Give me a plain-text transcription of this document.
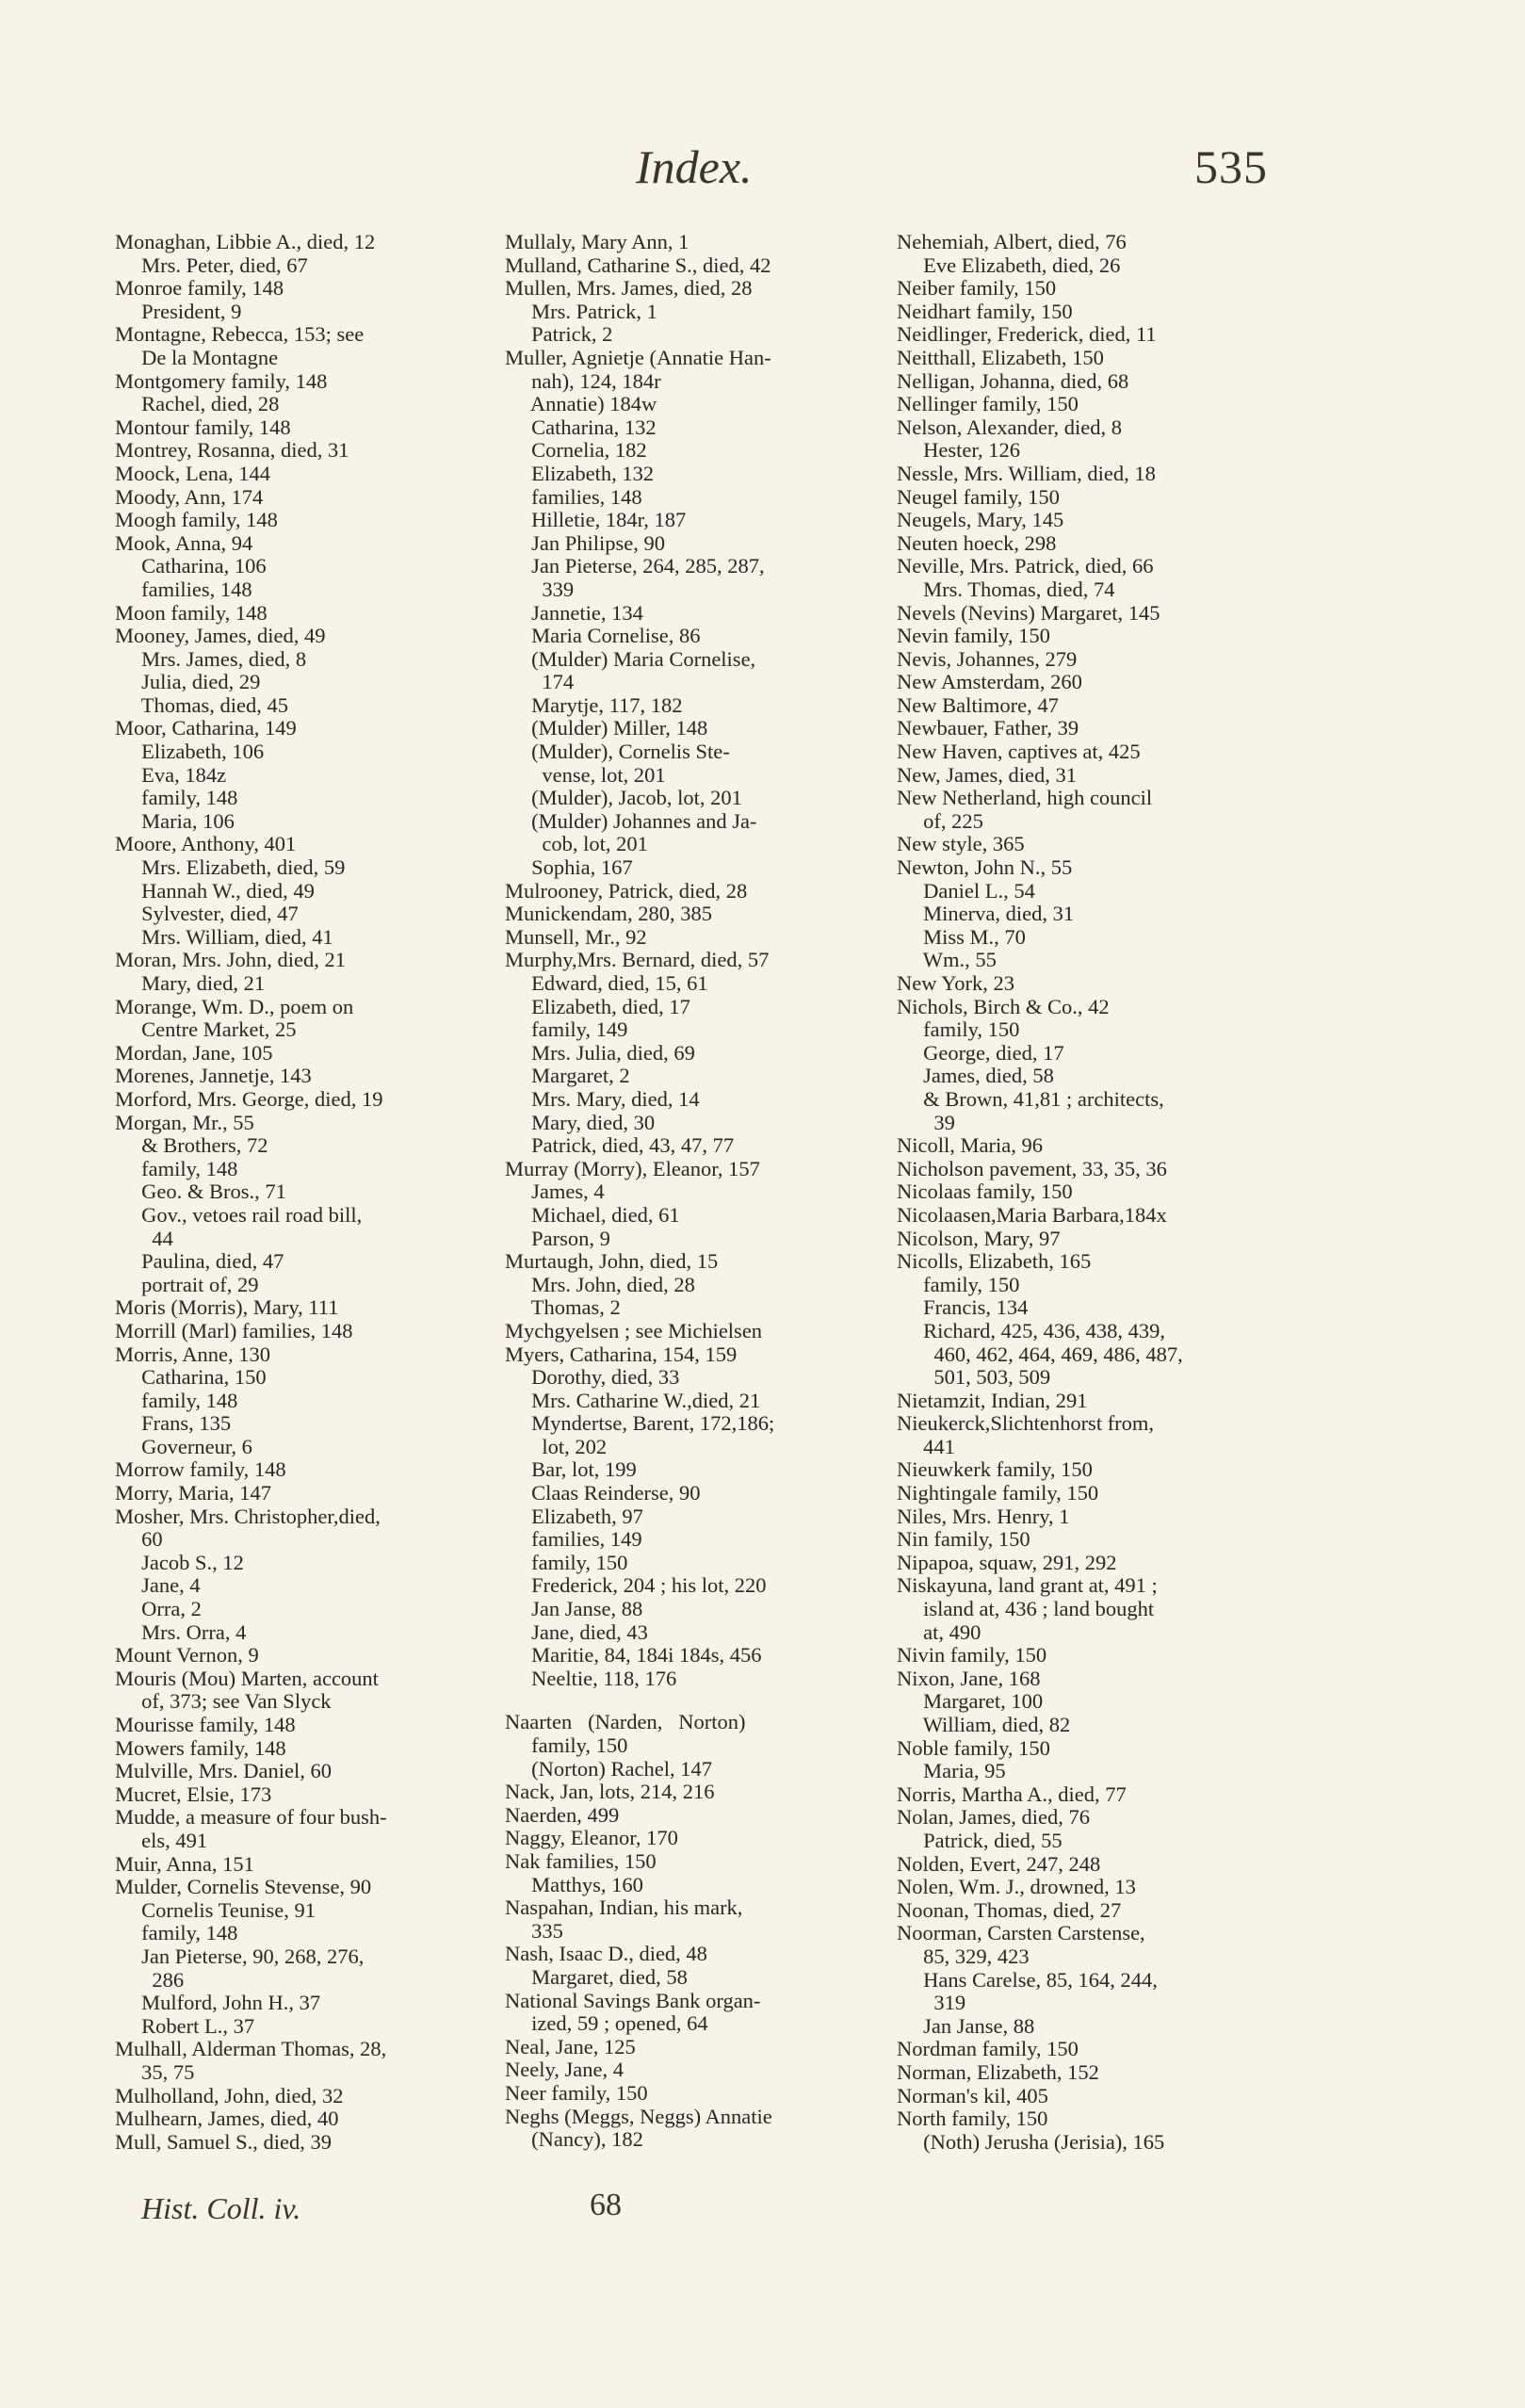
Index.	535
Monaghan, Libbie A., died, 12
Mrs. Peter, died, 67
Monroe family, 148
President, 9
Montagne, Rebecca, 153; see
De la Montagne
Montgomery family, 148
Rachel, died, 28
Montour family, 148
Montrey, Rosanna, died, 31
Moock, Lena, 144
Moody, Ann, 174
Moogh family, 148
Mook, Anna, 94
Catharina, 106
families, 148
Moon family, 148
Mooney, James, died, 49
Mrs. James, died, 8
Julia, died, 29
Thomas, died, 45
Moor, Catharina, 149
Elizabeth, 106
Eva, 184z
family, 148
Maria, 106
Moore, Anthony, 401
Mrs. Elizabeth, died, 59
Hannah W., died, 49
Sylvester, died, 47
Mrs. William, died, 41
Moran, Mrs. John, died, 21
Mary, died, 21
Morange, Wm. D., poem on
Centre Market, 25
Mordan, Jane, 105
Morenes, Jannetje, 143
Morford, Mrs. George, died, 19
Morgan, Mr., 55
& Brothers, 72
family, 148
Geo. & Bros., 71
Gov., vetoes rail road bill,
44
Paulina, died, 47
portrait of, 29
Moris (Morris), Mary, 111
Morrill (Marl) families, 148
Morris, Anne, 130
Catharina, 150
family, 148
Frans, 135
Governeur, 6
Morrow family, 148
Morry, Maria, 147
Mosher, Mrs. Christopher,died,
60
Jacob S., 12
Jane, 4
Orra, 2
Mrs. Orra, 4
Mount Vernon, 9
Mouris (Mou) Marten, account
of, 373; see Van Slyck
Mourisse family, 148
Mowers family, 148
Mulville, Mrs. Daniel, 60
Mucret, Elsie, 173
Mudde, a measure of four bush-
els, 491
Muir, Anna, 151
Mulder, Cornelis Stevense, 90
Cornelis Teunise, 91
family, 148
Jan Pieterse, 90, 268, 276,
286
Mulford, John H., 37
Robert L., 37
Mulhall, Alderman Thomas, 28,
35, 75
Mulholland, John, died, 32
Mulhearn, James, died, 40
Mull, Samuel S., died, 39
Mullaly, Mary Ann, 1
Mulland, Catharine S., died, 42
Mullen, Mrs. James, died, 28
Mrs. Patrick, 1
Patrick, 2
Muller, Agnietje (Annatie Han-
nah), 124, 184r
Annatie) 184w
Catharina, 132
Cornelia, 182
Elizabeth, 132
families, 148
Hilletie, 184r, 187
Jan Philipse, 90
Jan Pieterse, 264, 285, 287,
339
Jannetie, 134
Maria Cornelise, 86
(Mulder) Maria Cornelise,
174
Marytje, 117, 182
(Mulder) Miller, 148
(Mulder), Cornelis Ste-
vense, lot, 201
(Mulder), Jacob, lot, 201
(Mulder) Johannes and Ja-
cob, lot, 201
Sophia, 167
Mulrooney, Patrick, died, 28
Munickendam, 280, 385
Munsell, Mr., 92
Murphy,Mrs. Bernard, died, 57
Edward, died, 15, 61
Elizabeth, died, 17
family, 149
Mrs. Julia, died, 69
Margaret, 2
Mrs. Mary, died, 14
Mary, died, 30
Patrick, died, 43, 47, 77
Murray (Morry), Eleanor, 157
James, 4
Michael, died, 61
Parson, 9
Murtaugh, John, died, 15
Mrs. John, died, 28
Thomas, 2
Mychgyelsen ; see Michielsen
Myers, Catharina, 154, 159
Dorothy, died, 33
Mrs. Catharine W.,died, 21
Myndertse, Barent, 172,186;
lot, 202
Bar, lot, 199
Claas Reinderse, 90
Elizabeth, 97
families, 149
family, 150
Frederick, 204 ; his lot, 220
Jan Janse, 88
Jane, died, 43
Maritie, 84, 184i 184s, 456
Neeltie, 118, 176
Naarten   (Narden,   Norton)
family, 150
(Norton) Rachel, 147
Nack, Jan, lots, 214, 216
Naerden, 499
Naggy, Eleanor, 170
Nak families, 150
Matthys, 160
Naspahan, Indian, his mark,
335
Nash, Isaac D., died, 48
Margaret, died, 58
National Savings Bank organ-
ized, 59 ; opened, 64
Neal, Jane, 125
Neely, Jane, 4
Neer family, 150
Neghs (Meggs, Neggs) Annatie
(Nancy), 182
Nehemiah, Albert, died, 76
Eve Elizabeth, died, 26
Neiber family, 150
Neidhart family, 150
Neidlinger, Frederick, died, 11
Neitthall, Elizabeth, 150
Nelligan, Johanna, died, 68
Nellinger family, 150
Nelson, Alexander, died, 8
Hester, 126
Nessle, Mrs. William, died, 18
Neugel family, 150
Neugels, Mary, 145
Neuten hoeck, 298
Neville, Mrs. Patrick, died, 66
Mrs. Thomas, died, 74
Nevels (Nevins) Margaret, 145
Nevin family, 150
Nevis, Johannes, 279
New Amsterdam, 260
New Baltimore, 47
Newbauer, Father, 39
New Haven, captives at, 425
New, James, died, 31
New Netherland, high council
of, 225
New style, 365
Newton, John N., 55
Daniel L., 54
Minerva, died, 31
Miss M., 70
Wm., 55
New York, 23
Nichols, Birch & Co., 42
family, 150
George, died, 17
James, died, 58
& Brown, 41,81 ; architects,
39
Nicoll, Maria, 96
Nicholson pavement, 33, 35, 36
Nicolaas family, 150
Nicolaasen,Maria Barbara,184x
Nicolson, Mary, 97
Nicolls, Elizabeth, 165
family, 150
Francis, 134
Richard, 425, 436, 438, 439,
460, 462, 464, 469, 486, 487,
501, 503, 509
Nietamzit, Indian, 291
Nieukerck,Slichtenhorst from,
441
Nieuwkerk family, 150
Nightingale family, 150
Niles, Mrs. Henry, 1
Nin family, 150
Nipapoa, squaw, 291, 292
Niskayuna, land grant at, 491 ;
island at, 436 ; land bought
at, 490
Nivin family, 150
Nixon, Jane, 168
Margaret, 100
William, died, 82
Noble family, 150
Maria, 95
Norris, Martha A., died, 77
Nolan, James, died, 76
Patrick, died, 55
Nolden, Evert, 247, 248
Nolen, Wm. J., drowned, 13
Noonan, Thomas, died, 27
Noorman, Carsten Carstense,
85, 329, 423
Hans Carelse, 85, 164, 244,
319
Jan Janse, 88
Nordman family, 150
Norman, Elizabeth, 152
Norman's kil, 405
North family, 150
(Noth) Jerusha (Jerisia), 165
Hist. Coll. iv.	68
